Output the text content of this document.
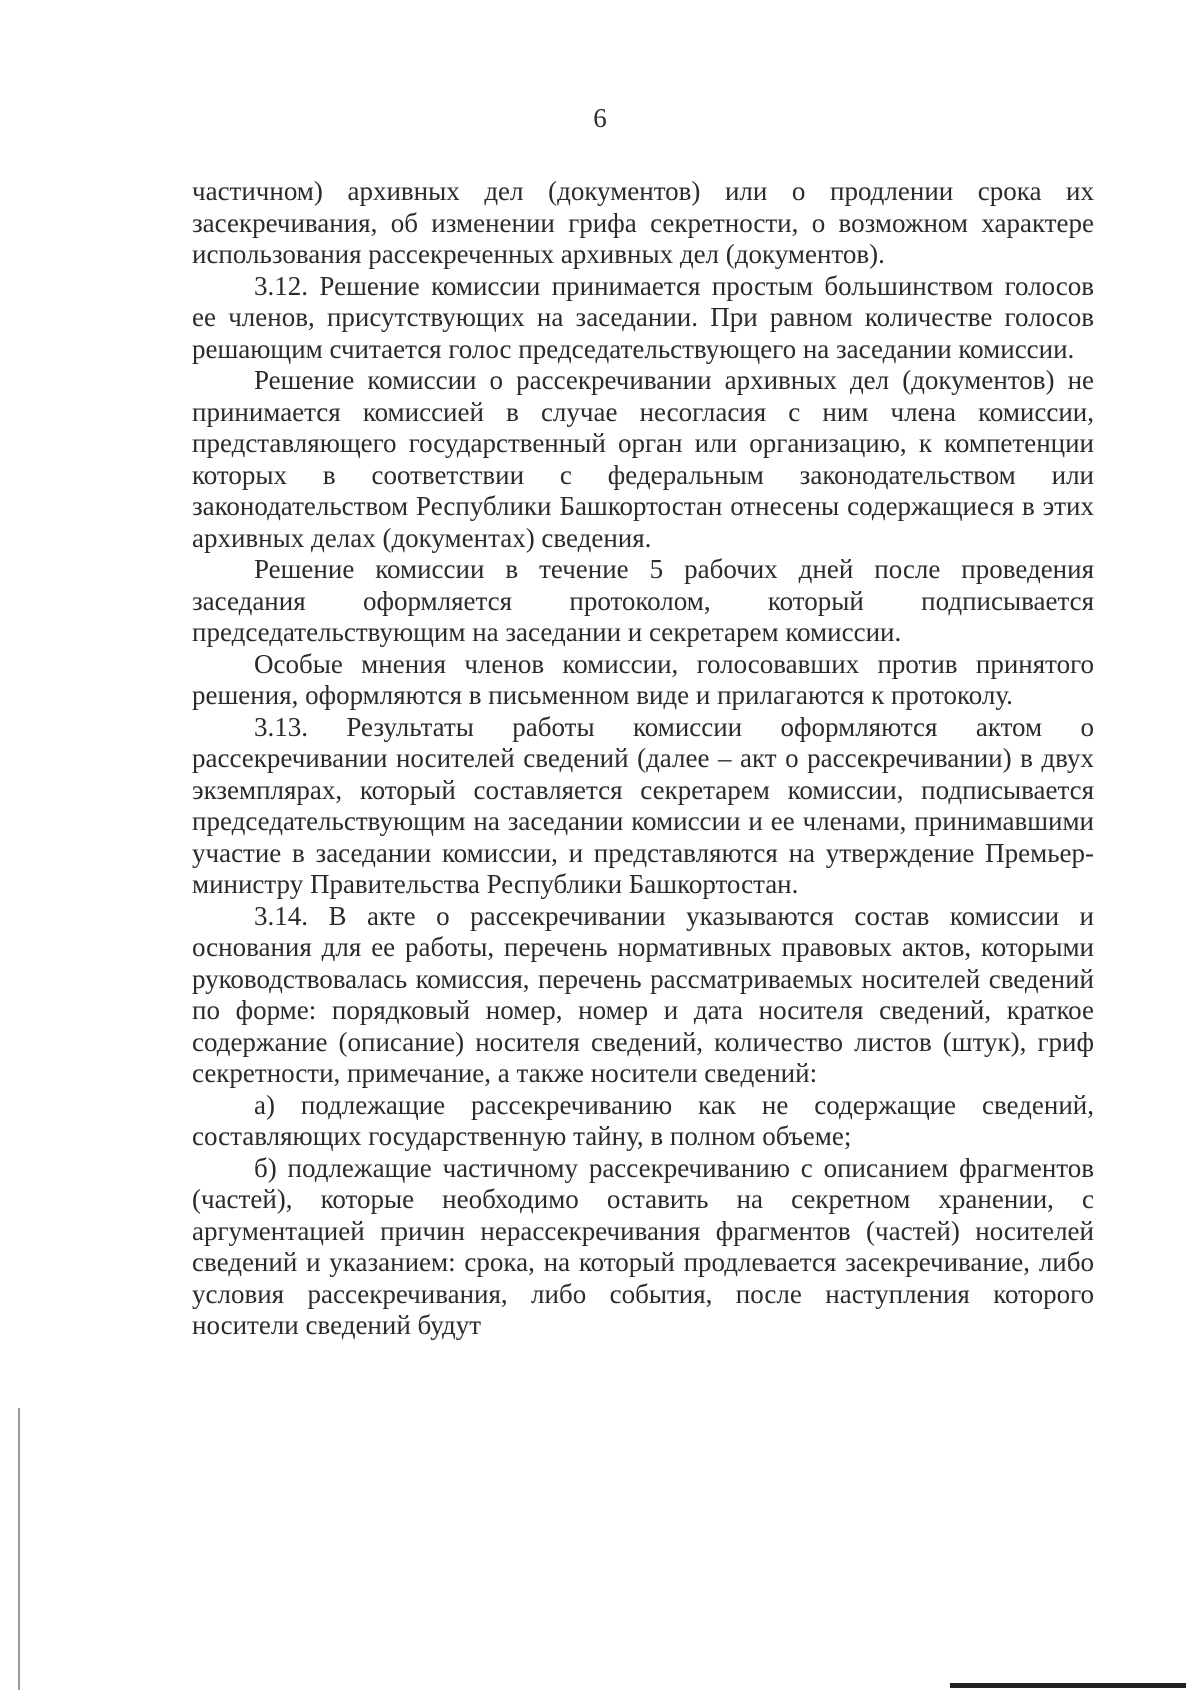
6

частичном) архивных дел (документов) или о продлении срока их засекречивания, об изменении грифа секретности, о возможном характере использования рассекреченных архивных дел (документов).

3.12. Решение комиссии принимается простым большинством голосов ее членов, присутствующих на заседании. При равном количестве голосов решающим считается голос председательствующего на заседании комиссии.

Решение комиссии о рассекречивании архивных дел (документов) не принимается комиссией в случае несогласия с ним члена комиссии, представляющего государственный орган или организацию, к компетенции которых в соответствии с федеральным законодательством или законодательством Республики Башкортостан отнесены содержащиеся в этих архивных делах (документах) сведения.

Решение комиссии в течение 5 рабочих дней после проведения заседания оформляется протоколом, который подписывается председательствующим на заседании и секретарем комиссии.

Особые мнения членов комиссии, голосовавших против принятого решения, оформляются в письменном виде и прилагаются к протоколу.

3.13. Результаты работы комиссии оформляются актом о рассекречивании носителей сведений (далее – акт о рассекречивании) в двух экземплярах, который составляется секретарем комиссии, подписывается председательствующим на заседании комиссии и ее членами, принимавшими участие в заседании комиссии, и представляются на утверждение Премьер-министру Правительства Республики Башкортостан.

3.14. В акте о рассекречивании указываются состав комиссии и основания для ее работы, перечень нормативных правовых актов, которыми руководствовалась комиссия, перечень рассматриваемых носителей сведений по форме: порядковый номер, номер и дата носителя сведений, краткое содержание (описание) носителя сведений, количество листов (штук), гриф секретности, примечание, а также носители сведений:

а) подлежащие рассекречиванию как не содержащие сведений, составляющих государственную тайну, в полном объеме;

б) подлежащие частичному рассекречиванию с описанием фрагментов (частей), которые необходимо оставить на секретном хранении, с аргументацией причин нерассекречивания фрагментов (частей) носителей сведений и указанием: срока, на который продлевается засекречивание, либо условия рассекречивания, либо события, после наступления которого носители сведений будут
